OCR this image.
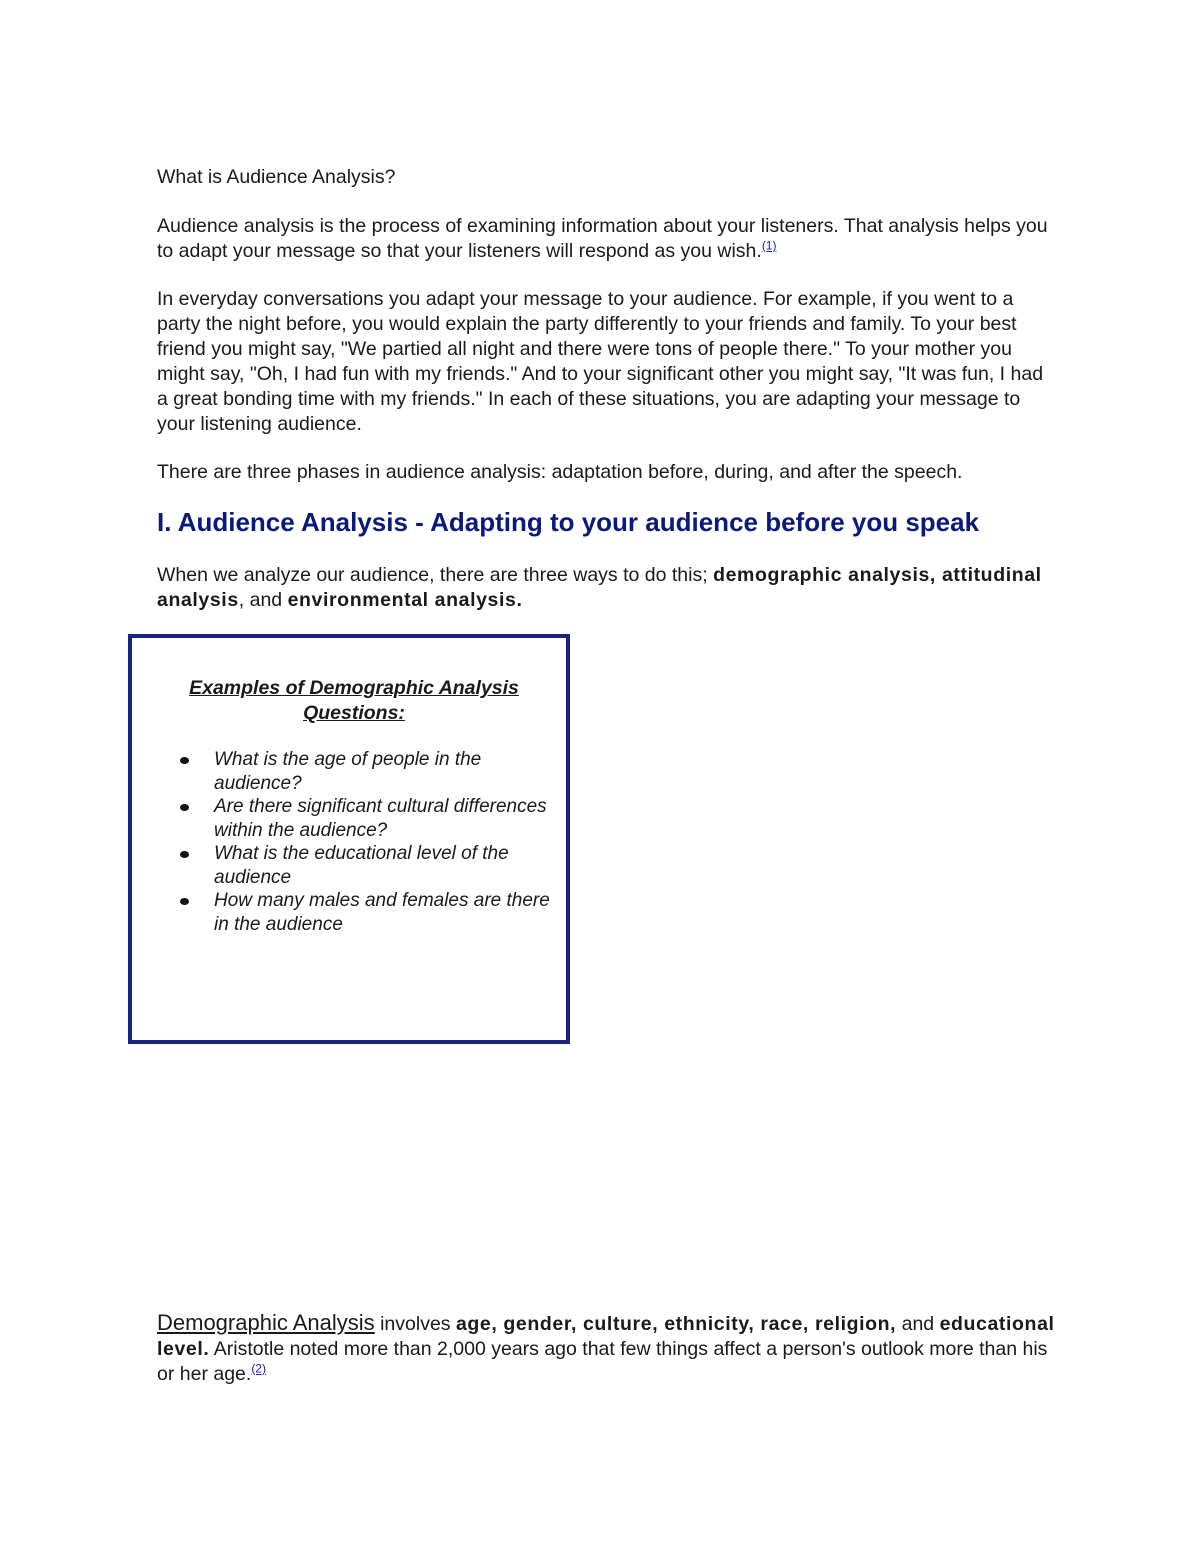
What is Audience Analysis?

Audience analysis is the process of examining information about your listeners. That analysis helps you to adapt your message so that your listeners will respond as you wish.$^{(1)}$

In everyday conversations you adapt your message to your audience. For example, if you went to a party the night before, you would explain the party differently to your friends and family. To your best friend you might say, "We partied all night and there were tons of people there." To your mother you might say, "Oh, I had fun with my friends." And to your significant other you might say, "It was fun, I had a great bonding time with my friends." In each of these situations, you are adapting your message to your listening audience.

There are three phases in audience analysis: adaptation before, during, and after the speech.

I. Audience Analysis - Adapting to your audience before you speak

When we analyze our audience, there are three ways to do this; demographic analysis, attitudinal analysis, and environmental analysis.

Examples of Demographic Analysis Questions:

What is the age of people in the audience?
Are there significant cultural differences within the audience?
What is the educational level of the audience
How many males and females are there in the audience

Demographic Analysis involves age, gender, culture, ethnicity, race, religion, and educational level. Aristotle noted more than 2,000 years ago that few things affect a person's outlook more than his or her age.$^{(2)}$
